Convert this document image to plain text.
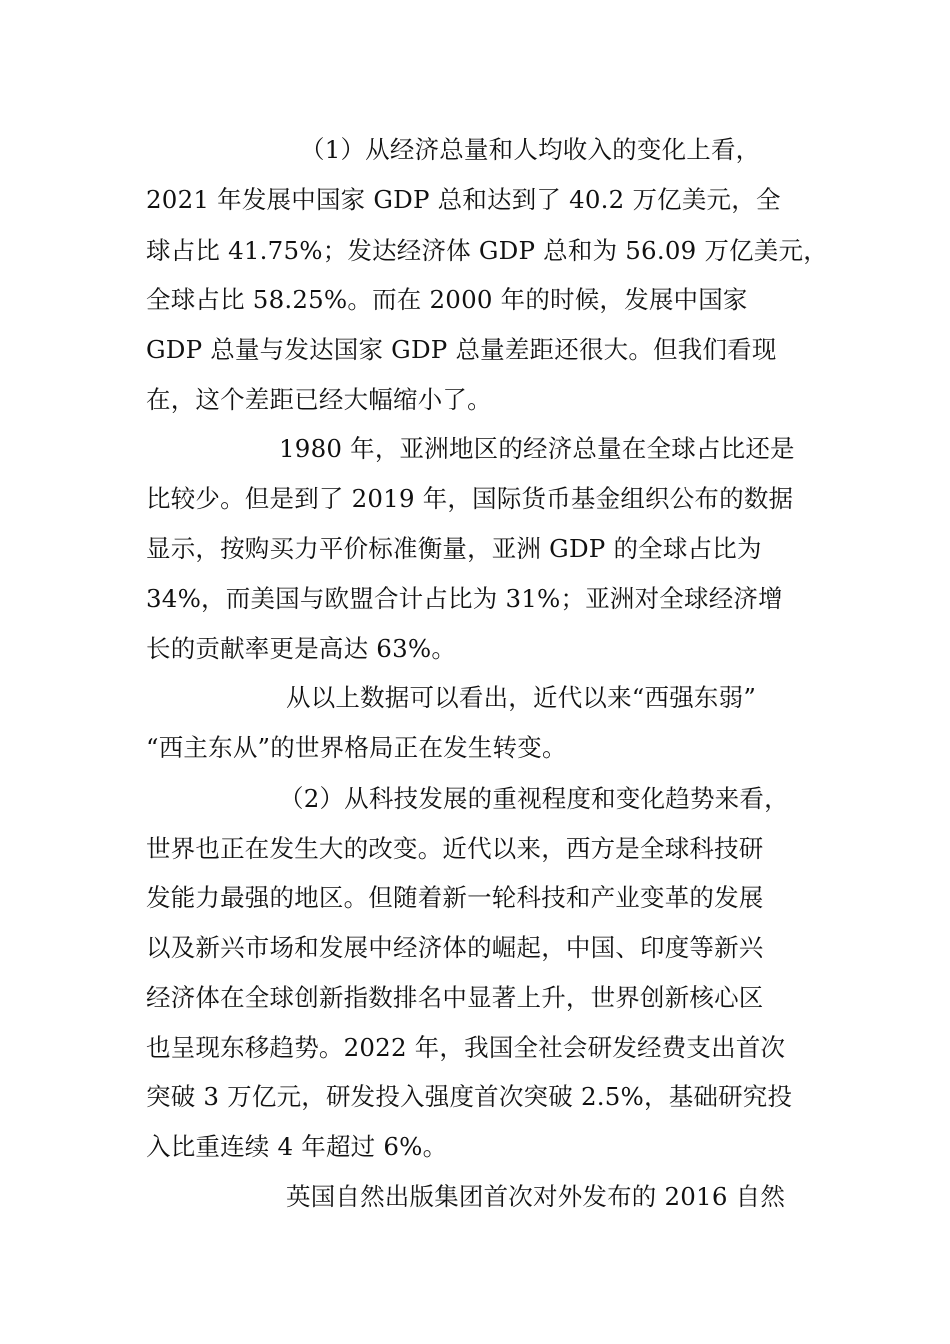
（1）从经济总量和人均收入的变化上看，
2021 年发展中国家 GDP 总和达到了 40.2 万亿美元，全
球占比 41.75%；发达经济体 GDP 总和为 56.09 万亿美元，
全球占比 58.25%。而在 2000 年的时候，发展中国家
GDP 总量与发达国家 GDP 总量差距还很大。但我们看现
在，这个差距已经大幅缩小了。
1980 年，亚洲地区的经济总量在全球占比还是
比较少。但是到了 2019 年，国际货币基金组织公布的数据
显示，按购买力平价标准衡量，亚洲 GDP 的全球占比为
34%，而美国与欧盟合计占比为 31%；亚洲对全球经济增
长的贡献率更是高达 63%。
从以上数据可以看出，近代以来“西强东弱”
“西主东从”的世界格局正在发生转变。
（2）从科技发展的重视程度和变化趋势来看，
世界也正在发生大的改变。近代以来，西方是全球科技研
发能力最强的地区。但随着新一轮科技和产业变革的发展
以及新兴市场和发展中经济体的崛起，中国、印度等新兴
经济体在全球创新指数排名中显著上升，世界创新核心区
也呈现东移趋势。2022 年，我国全社会研发经费支出首次
突破 3 万亿元，研发投入强度首次突破 2.5%，基础研究投
入比重连续 4 年超过 6%。
英国自然出版集团首次对外发布的 2016 自然
